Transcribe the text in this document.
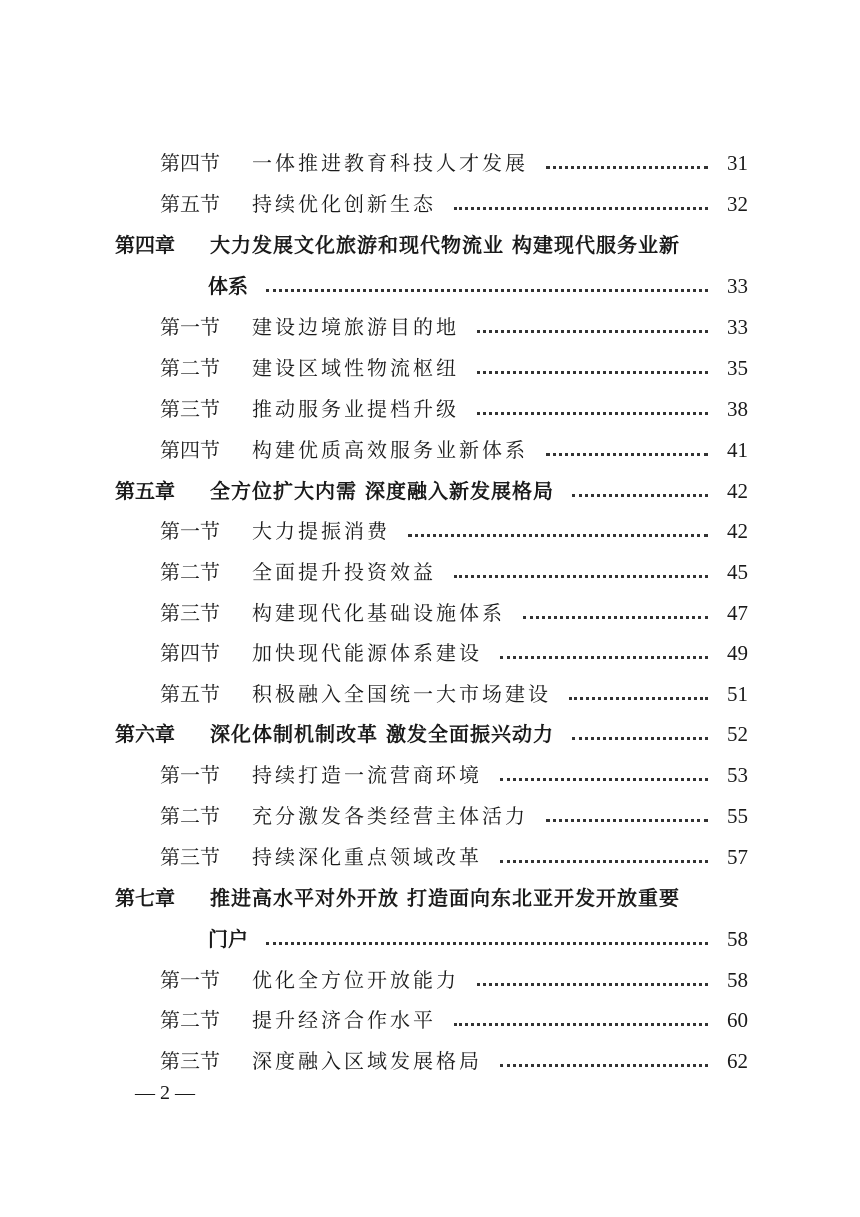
第四节	一体推进教育科技人才发展	31
第五节	持续优化创新生态	32
第四章	大力发展文化旅游和现代物流业 构建现代服务业新
体系	33
第一节	建设边境旅游目的地	33
第二节	建设区域性物流枢纽	35
第三节	推动服务业提档升级	38
第四节	构建优质高效服务业新体系	41
第五章	全方位扩大内需 深度融入新发展格局	42
第一节	大力提振消费	42
第二节	全面提升投资效益	45
第三节	构建现代化基础设施体系	47
第四节	加快现代能源体系建设	49
第五节	积极融入全国统一大市场建设	51
第六章	深化体制机制改革 激发全面振兴动力	52
第一节	持续打造一流营商环境	53
第二节	充分激发各类经营主体活力	55
第三节	持续深化重点领域改革	57
第七章	推进高水平对外开放 打造面向东北亚开发开放重要
门户	58
第一节	优化全方位开放能力	58
第二节	提升经济合作水平	60
第三节	深度融入区域发展格局	62
— 2 —
